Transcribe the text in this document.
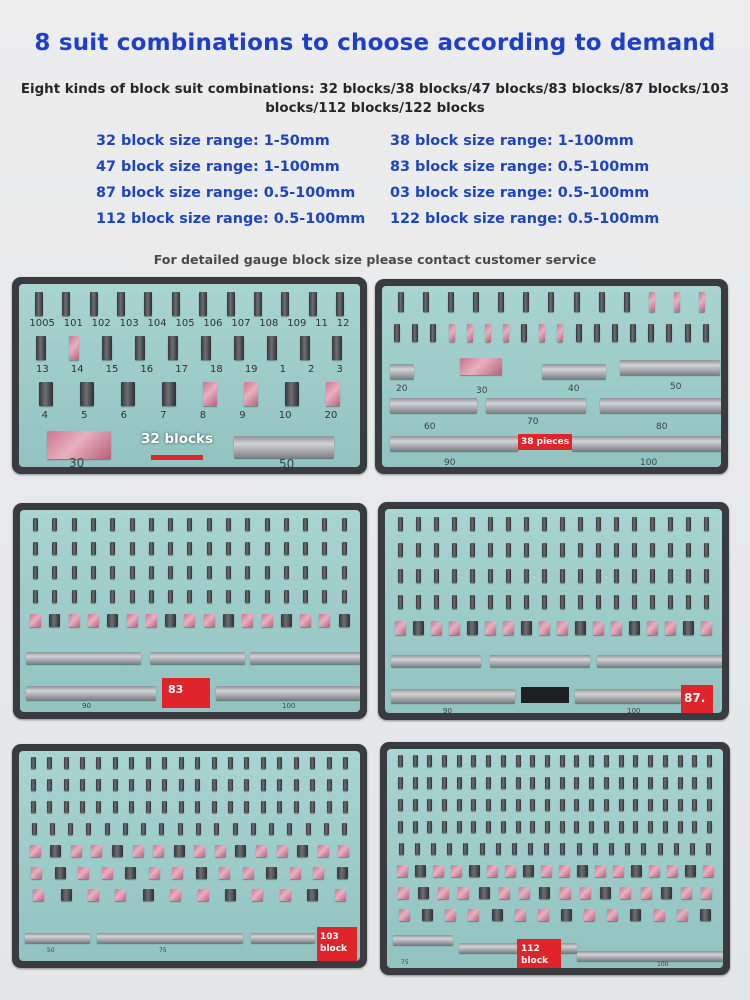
8 suit combinations to choose according to demand
Eight kinds of block suit combinations: 32 blocks/38 blocks/47 blocks/83 blocks/87 blocks/103 blocks/112 blocks/122 blocks
32 block size range: 1-50mm	38 block size range: 1-100mm
47 block size range: 1-100mm	83 block size range: 0.5-100mm
87 block size range: 0.5-100mm	03 block size range: 0.5-100mm
112 block size range: 0.5-100mm	122 block size range: 0.5-100mm
For detailed gauge block size please contact customer service
1005 101 102 103 104 105 106 107 108 109 11 12
13 14 15 16 17 18 19 1 2 3
4	5	6	7	8	9	10	20
30	50
32 blocks
60	70	80
90	100
20	30	40	50
38 pieces
90	100
83
90	100
87.
50	75
103 block
75	100
112 block
